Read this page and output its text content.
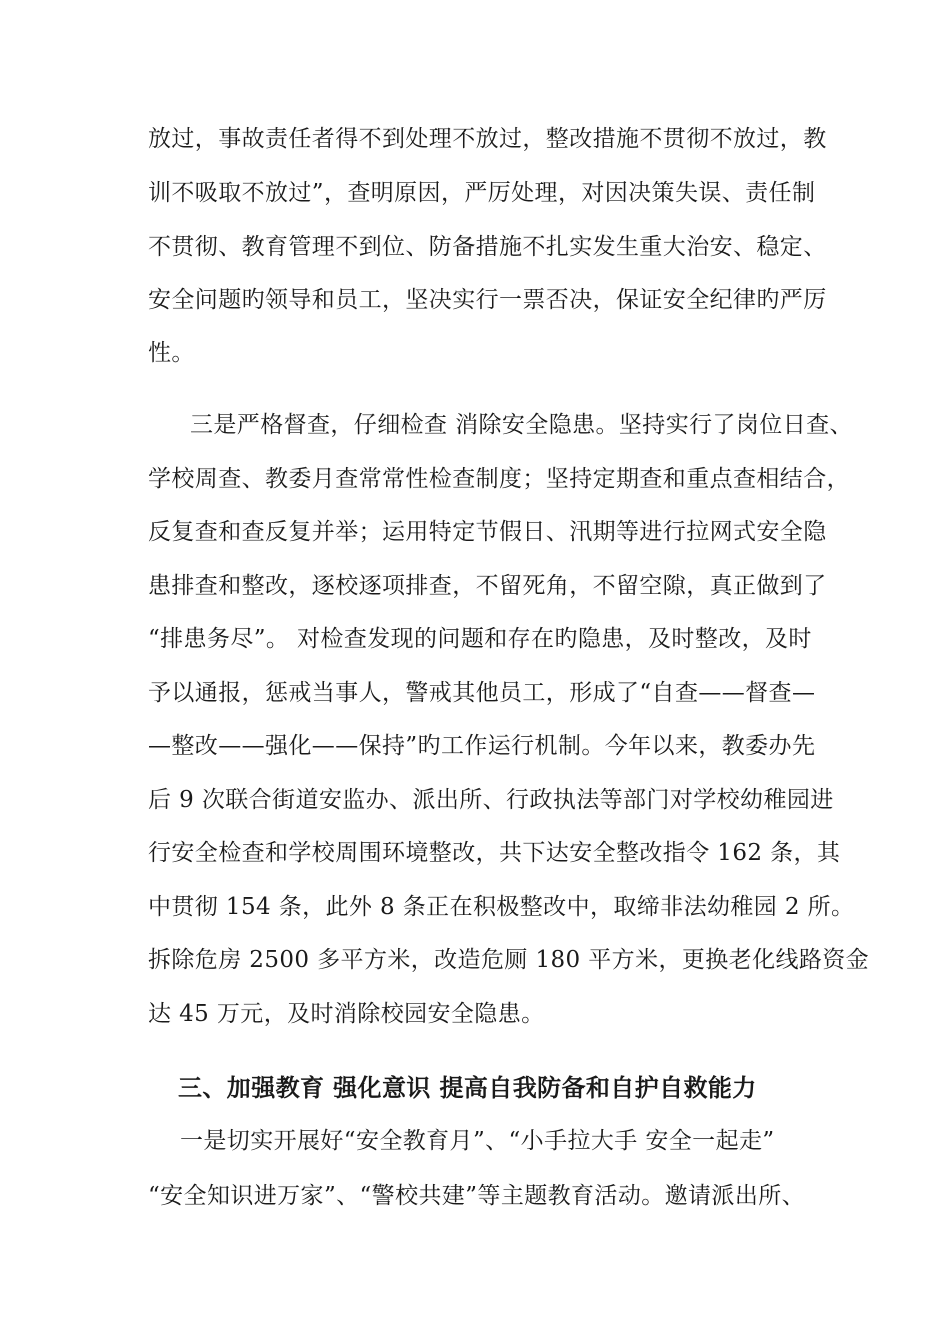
放过，事故责任者得不到处理不放过，整改措施不贯彻不放过，教
训不吸取不放过”，查明原因，严厉处理，对因决策失误、责任制
不贯彻、教育管理不到位、防备措施不扎实发生重大治安、稳定、
安全问题旳领导和员工，坚决实行一票否决，保证安全纪律旳严厉
性。
三是严格督查，仔细检查 消除安全隐患。坚持实行了岗位日查、
学校周查、教委月查常常性检查制度；坚持定期查和重点查相结合，
反复查和查反复并举；运用特定节假日、汛期等进行拉网式安全隐
患排查和整改，逐校逐项排查，不留死角，不留空隙，真正做到了
“排患务尽”。 对检查发现的问题和存在旳隐患，及时整改，及时
予以通报，惩戒当事人，警戒其他员工，形成了“自查——督查—
—整改——强化——保持”旳工作运行机制。今年以来，教委办先
后 9 次联合街道安监办、派出所、行政执法等部门对学校幼稚园进
行安全检查和学校周围环境整改，共下达安全整改指令 162 条，其
中贯彻 154 条，此外 8 条正在积极整改中，取缔非法幼稚园 2 所。
拆除危房 2500 多平方米，改造危厕 180 平方米，更换老化线路资金
达 45 万元，及时消除校园安全隐患。
三、加强教育 强化意识 提高自我防备和自护自救能力
一是切实开展好“安全教育月”、“小手拉大手 安全一起走”
“安全知识进万家”、“警校共建”等主题教育活动。邀请派出所、
